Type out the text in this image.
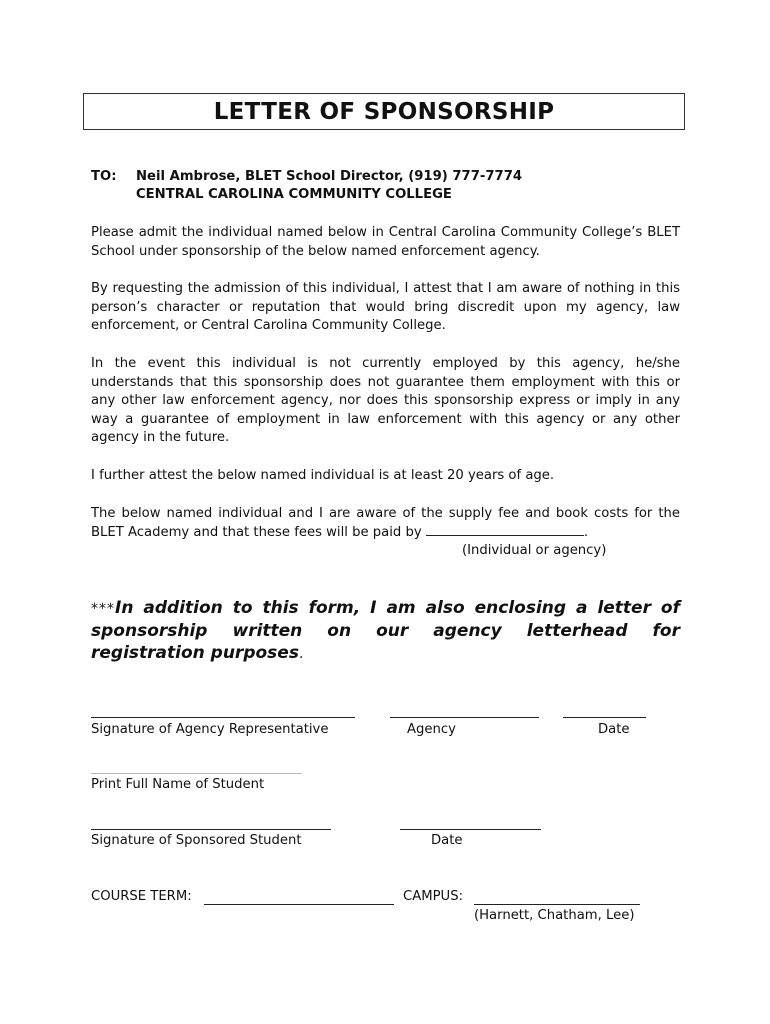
LETTER OF SPONSORSHIP
TO: Neil Ambrose, BLET School Director, (919) 777-7774
CENTRAL CAROLINA COMMUNITY COLLEGE
Please admit the individual named below in Central Carolina Community College’s BLET School under sponsorship of the below named enforcement agency.
By requesting the admission of this individual, I attest that I am aware of nothing in this person’s character or reputation that would bring discredit upon my agency, law enforcement, or Central Carolina Community College.
In the event this individual is not currently employed by this agency, he/she understands that this sponsorship does not guarantee them employment with this or any other law enforcement agency, nor does this sponsorship express or imply in any way a guarantee of employment in law enforcement with this agency or any other agency in the future.
I further attest the below named individual is at least 20 years of age.
The below named individual and I are aware of the supply fee and book costs for the BLET Academy and that these fees will be paid by	.
(Individual or agency)
***In addition to this form, I am also enclosing a letter of sponsorship written on our agency letterhead for registration purposes.
Signature of Agency Representative	Agency	Date
Print Full Name of Student
Signature of Sponsored Student	Date
COURSE TERM:	CAMPUS:
(Harnett, Chatham, Lee)
